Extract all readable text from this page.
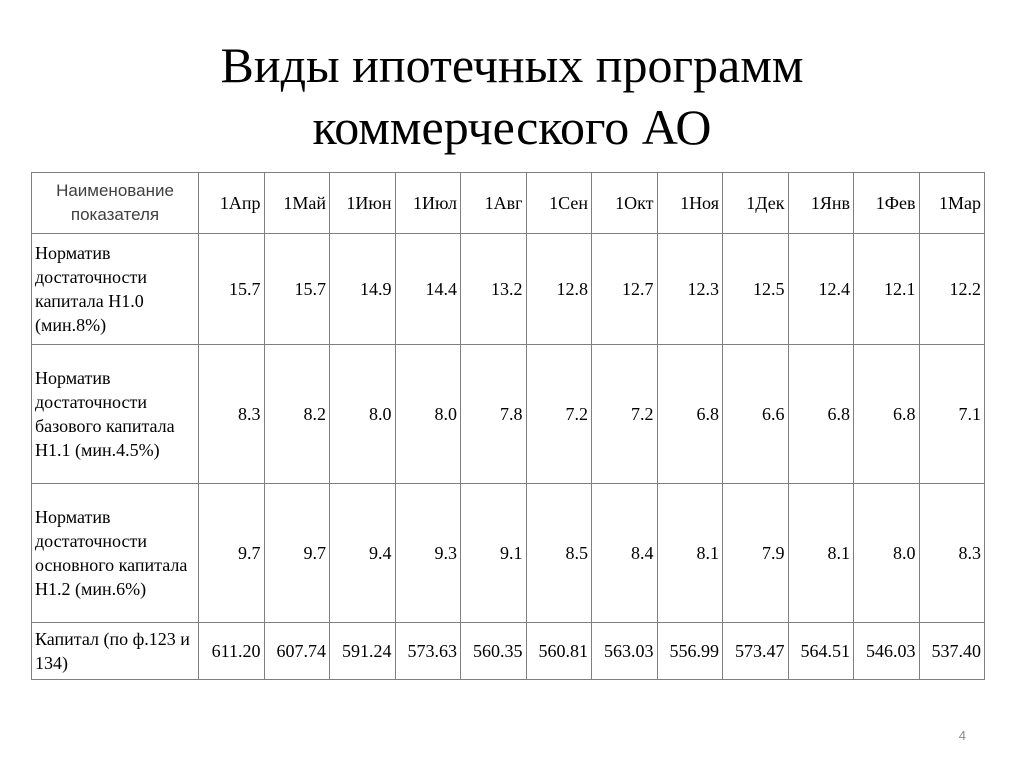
Виды ипотечных программ
коммерческого АО
Наименование показателя	1Апр	1Май	1Июн	1Июл	1Авг	1Сен	1Окт	1Ноя	1Дек	1Янв	1Фев	1Мар
Норматив достаточности капитала Н1.0 (мин.8%)	15.7	15.7	14.9	14.4	13.2	12.8	12.7	12.3	12.5	12.4	12.1	12.2
Норматив достаточности базового капитала Н1.1 (мин.4.5%)	8.3	8.2	8.0	8.0	7.8	7.2	7.2	6.8	6.6	6.8	6.8	7.1
Норматив достаточности основного капитала Н1.2 (мин.6%)	9.7	9.7	9.4	9.3	9.1	8.5	8.4	8.1	7.9	8.1	8.0	8.3
Капитал (по ф.123 и 134)	611.20	607.74	591.24	573.63	560.35	560.81	563.03	556.99	573.47	564.51	546.03	537.40
4
